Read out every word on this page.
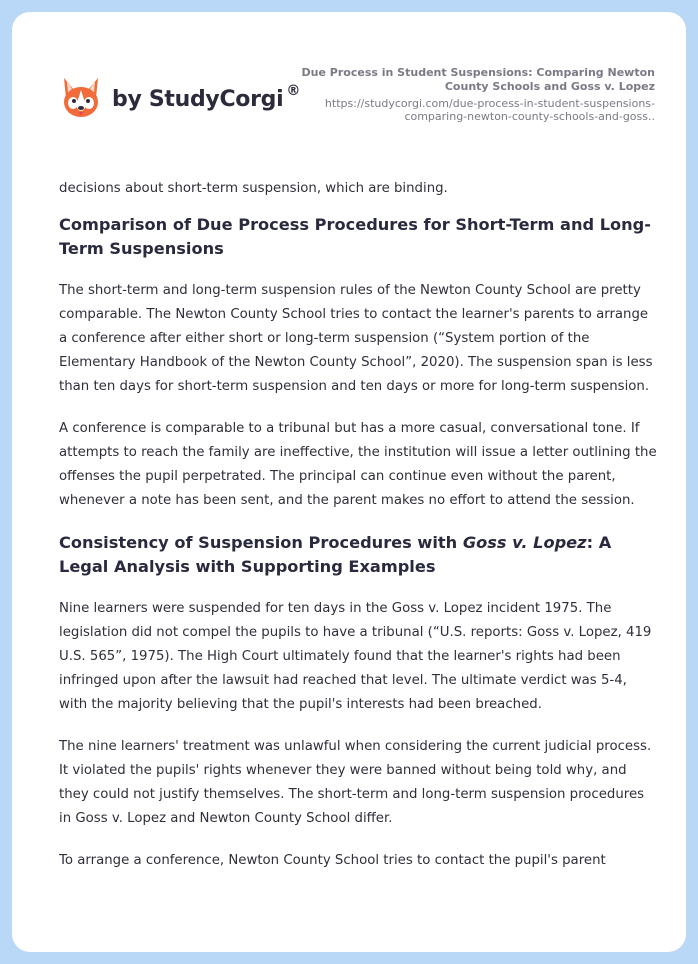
by StudyCorgi ®
Due Process in Student Suspensions: Comparing Newton County Schools and Goss v. Lopez
https://studycorgi.com/due-process-in-student-suspensions-comparing-newton-county-schools-and-goss..

decisions about short-term suspension, which are binding.

Comparison of Due Process Procedures for Short-Term and Long-Term Suspensions

The short-term and long-term suspension rules of the Newton County School are pretty comparable. The Newton County School tries to contact the learner's parents to arrange a conference after either short or long-term suspension (“System portion of the Elementary Handbook of the Newton County School”, 2020). The suspension span is less than ten days for short-term suspension and ten days or more for long-term suspension.

A conference is comparable to a tribunal but has a more casual, conversational tone. If attempts to reach the family are ineffective, the institution will issue a letter outlining the offenses the pupil perpetrated. The principal can continue even without the parent, whenever a note has been sent, and the parent makes no effort to attend the session.

Consistency of Suspension Procedures with Goss v. Lopez: A Legal Analysis with Supporting Examples

Nine learners were suspended for ten days in the Goss v. Lopez incident 1975. The legislation did not compel the pupils to have a tribunal (“U.S. reports: Goss v. Lopez, 419 U.S. 565”, 1975). The High Court ultimately found that the learner's rights had been infringed upon after the lawsuit had reached that level. The ultimate verdict was 5-4, with the majority believing that the pupil's interests had been breached.

The nine learners' treatment was unlawful when considering the current judicial process. It violated the pupils' rights whenever they were banned without being told why, and they could not justify themselves. The short-term and long-term suspension procedures in Goss v. Lopez and Newton County School differ.

To arrange a conference, Newton County School tries to contact the pupil's parent
